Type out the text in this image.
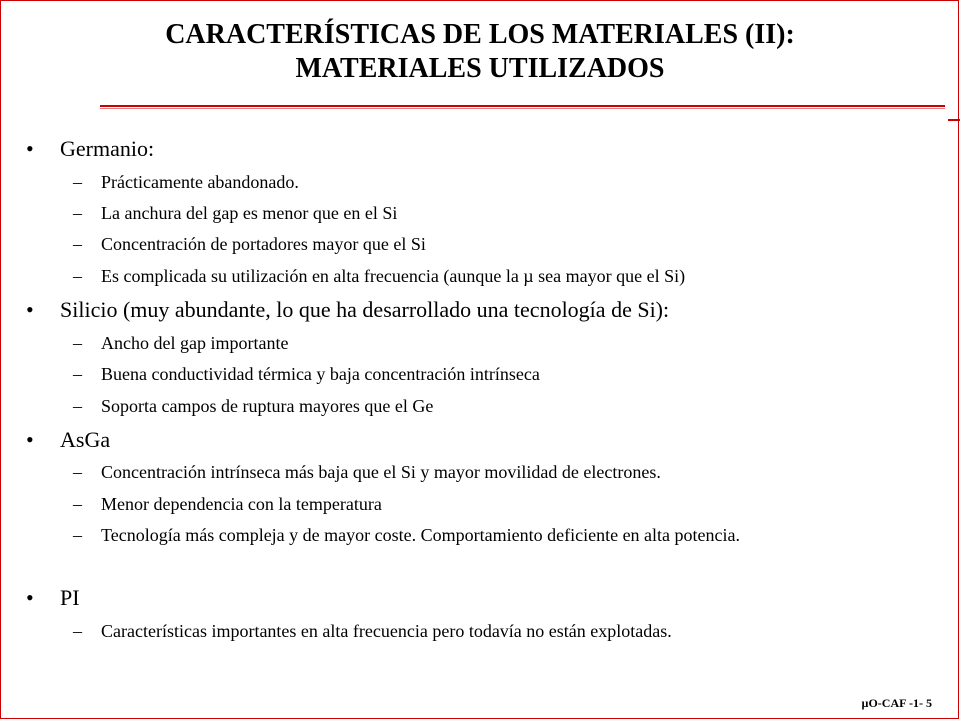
CARACTERÍSTICAS DE LOS MATERIALES (II):
MATERIALES UTILIZADOS
• Germanio:
– Prácticamente abandonado.
– La anchura del gap es menor que en el Si
– Concentración de portadores mayor que el Si
– Es complicada su utilización en alta frecuencia (aunque la µ sea mayor que el Si)
• Silicio (muy abundante, lo que ha desarrollado una tecnología de Si):
– Ancho del gap importante
– Buena conductividad térmica y baja concentración intrínseca
– Soporta campos de ruptura mayores que el Ge
• AsGa
– Concentración intrínseca más baja que el Si y mayor movilidad de electrones.
– Menor dependencia con la temperatura
– Tecnología más compleja y de mayor coste. Comportamiento deficiente en alta potencia.
• PI
– Características importantes en alta frecuencia pero todavía no están explotadas.
µO-CAF -1- 5
